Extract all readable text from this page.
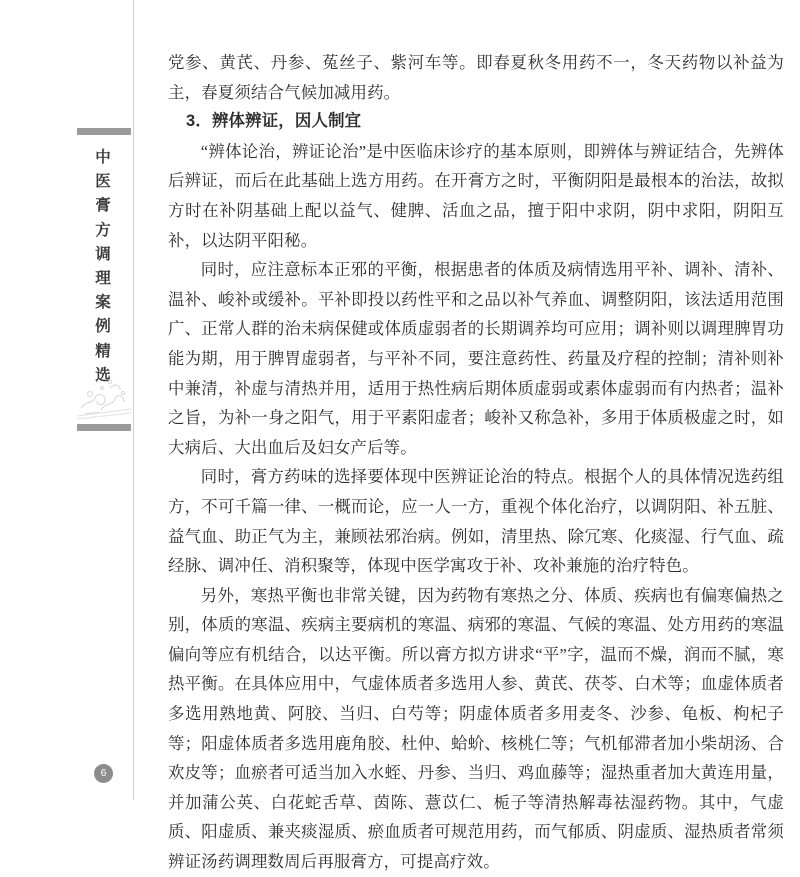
中
医
膏
方
调
理
案
例
精
选
6

党参、黄芪、丹参、菟丝子、紫河车等。即春夏秋冬用药不一，冬天药物以补益为主，春夏须结合气候加减用药。

3．辨体辨证，因人制宜

“辨体论治，辨证论治”是中医临床诊疗的基本原则，即辨体与辨证结合，先辨体后辨证，而后在此基础上选方用药。在开膏方之时，平衡阴阳是最根本的治法，故拟方时在补阴基础上配以益气、健脾、活血之品，擅于阳中求阴，阴中求阳，阴阳互补，以达阴平阳秘。

同时，应注意标本正邪的平衡，根据患者的体质及病情选用平补、调补、清补、温补、峻补或缓补。平补即投以药性平和之品以补气养血、调整阴阳，该法适用范围广、正常人群的治未病保健或体质虚弱者的长期调养均可应用；调补则以调理脾胃功能为期，用于脾胃虚弱者，与平补不同，要注意药性、药量及疗程的控制；清补则补中兼清，补虚与清热并用，适用于热性病后期体质虚弱或素体虚弱而有内热者；温补之旨，为补一身之阳气，用于平素阳虚者；峻补又称急补，多用于体质极虚之时，如大病后、大出血后及妇女产后等。

同时，膏方药味的选择要体现中医辨证论治的特点。根据个人的具体情况选药组方，不可千篇一律、一概而论，应一人一方，重视个体化治疗，以调阴阳、补五脏、益气血、助正气为主，兼顾祛邪治病。例如，清里热、除冗寒、化痰湿、行气血、疏经脉、调冲任、消积聚等，体现中医学寓攻于补、攻补兼施的治疗特色。

另外，寒热平衡也非常关键，因为药物有寒热之分、体质、疾病也有偏寒偏热之别，体质的寒温、疾病主要病机的寒温、病邪的寒温、气候的寒温、处方用药的寒温偏向等应有机结合，以达平衡。所以膏方拟方讲求“平”字，温而不燥，润而不腻，寒热平衡。在具体应用中，气虚体质者多选用人参、黄芪、茯苓、白术等；血虚体质者多选用熟地黄、阿胶、当归、白芍等；阴虚体质者多用麦冬、沙参、龟板、枸杞子等；阳虚体质者多选用鹿角胶、杜仲、蛤蚧、核桃仁等；气机郁滞者加小柴胡汤、合欢皮等；血瘀者可适当加入水蛭、丹参、当归、鸡血藤等；湿热重者加大黄连用量，并加蒲公英、白花蛇舌草、茵陈、薏苡仁、栀子等清热解毒祛湿药物。其中，气虚质、阳虚质、兼夹痰湿质、瘀血质者可规范用药，而气郁质、阴虚质、湿热质者常须辨证汤药调理数周后再服膏方，可提高疗效。
